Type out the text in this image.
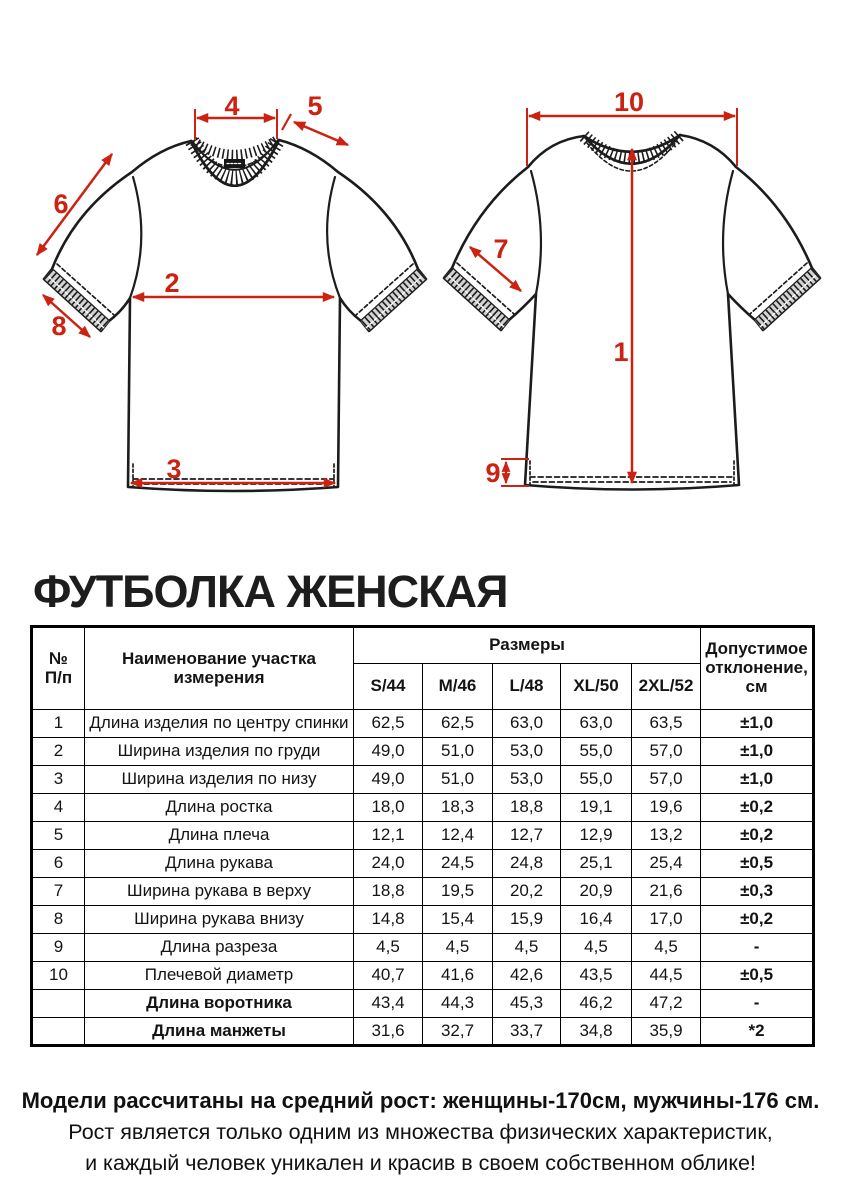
4	5
6
8
2
3
10
1
7
9
ФУТБОЛКА ЖЕНСКАЯ
№
П/п

Наименование участка
измерения
	Размеры	Допустимое
отклонение,
см

		S/44	M/46	L/48	XL/50	2XL/52	
1	Длина изделия по центру спинки	62,5	62,5	63,0	63,0	63,5	±1,0
2	Ширина изделия по груди	49,0	51,0	53,0	55,0	57,0	±1,0
3	Ширина изделия по низу	49,0	51,0	53,0	55,0	57,0	±1,0
4	Длина ростка	18,0	18,3	18,8	19,1	19,6	±0,2
5	Длина плеча	12,1	12,4	12,7	12,9	13,2	±0,2
6	Длина рукава	24,0	24,5	24,8	25,1	25,4	±0,5
7	Ширина рукава в верху	18,8	19,5	20,2	20,9	21,6	±0,3
8	Ширина рукава внизу	14,8	15,4	15,9	16,4	17,0	±0,2
9	Длина разреза	4,5	4,5	4,5	4,5	4,5	-
10	Плечевой диаметр	40,7	41,6	42,6	43,5	44,5	±0,5
	Длина воротника	43,4	44,3	45,3	46,2	47,2	-
	Длина манжеты	31,6	32,7	33,7	34,8	35,9	*2

Модели рассчитаны на средний рост: женщины-170см, мужчины-176 см.

Рост является только одним из множества физических характеристик,

и каждый человек уникален и красив в своем собственном облике!
